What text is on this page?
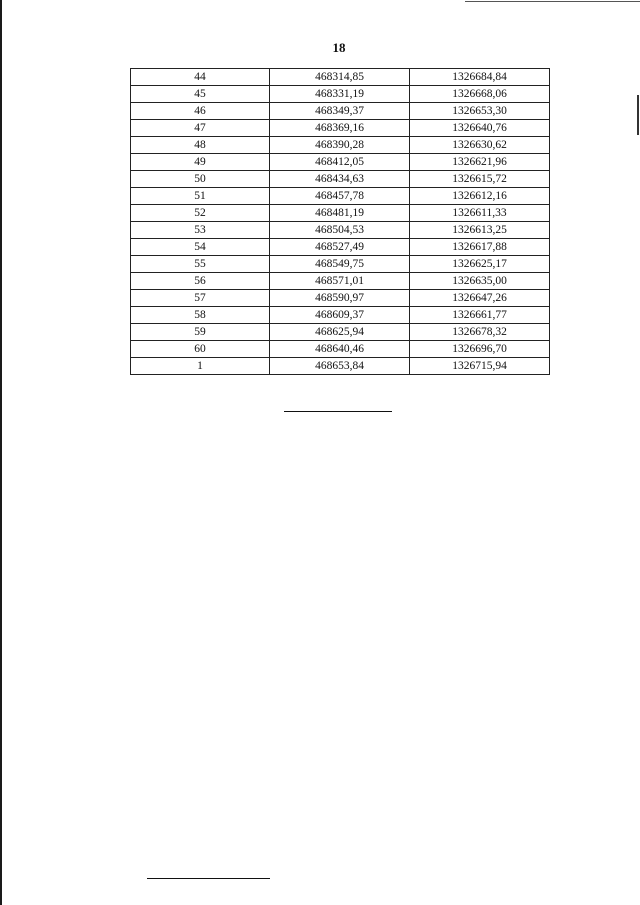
18
44	468314,85	1326684,84
45	468331,19	1326668,06
46	468349,37	1326653,30
47	468369,16	1326640,76
48	468390,28	1326630,62
49	468412,05	1326621,96
50	468434,63	1326615,72
51	468457,78	1326612,16
52	468481,19	1326611,33
53	468504,53	1326613,25
54	468527,49	1326617,88
55	468549,75	1326625,17
56	468571,01	1326635,00
57	468590,97	1326647,26
58	468609,37	1326661,77
59	468625,94	1326678,32
60	468640,46	1326696,70
1	468653,84	1326715,94
